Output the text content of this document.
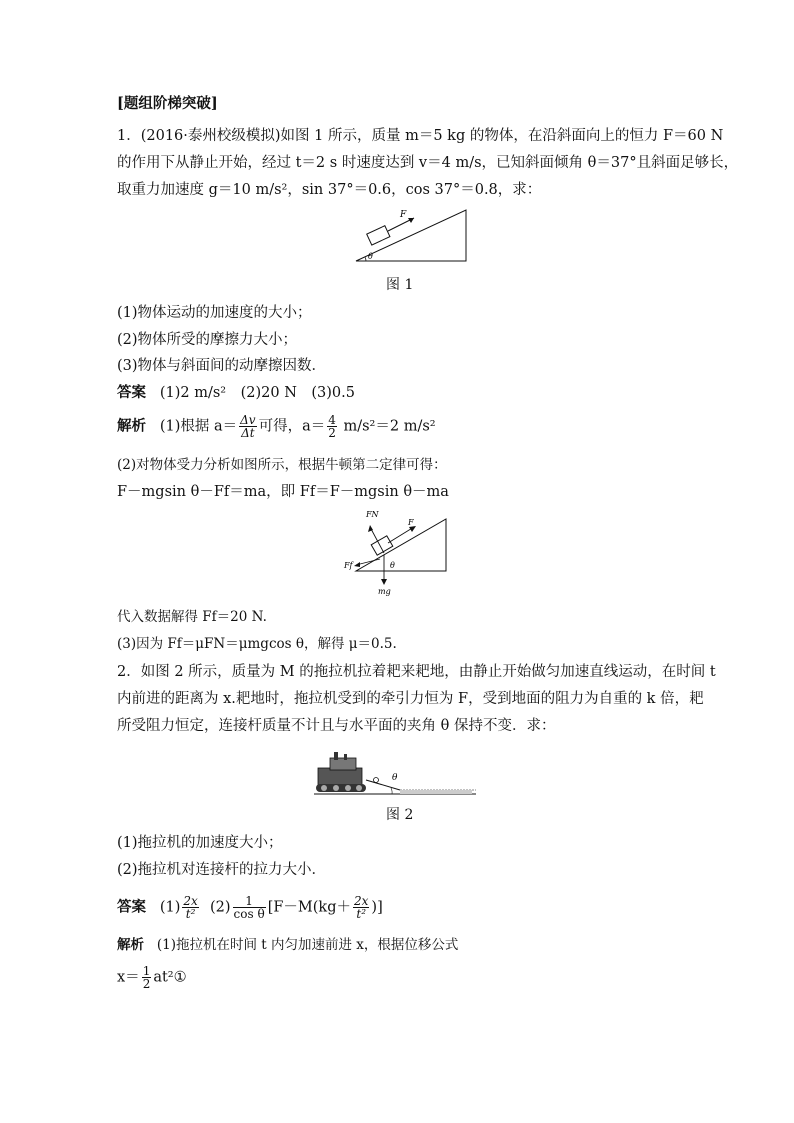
[题组阶梯突破]
1．(2016·泰州校级模拟)如图 1 所示，质量 m＝5 kg 的物体，在沿斜面向上的恒力 F＝60 N
的作用下从静止开始，经过 t＝2 s 时速度达到 v＝4 m/s，已知斜面倾角 θ＝37°且斜面足够长，
取重力加速度 g＝10 m/s²，sin 37°＝0.6，cos 37°＝0.8，求：
F
θ
图 1
(1)物体运动的加速度的大小；
(2)物体所受的摩擦力大小；
(3)物体与斜面间的动摩擦因数．
答案 (1)2 m/s²　(2)20 N　(3)0.5
解析 (1)根据 $a= \frac{\Delta v}{\Delta t}$ 可得，$a= \frac{4}{2} m/s^2=2$ m/s²
(2)对物体受力分析如图所示，根据牛顿第二定律可得：
F－mgsin θ－Ff＝ma，即 Ff＝F－mgsin θ－ma
FN
F
Ff
mg
θ
代入数据解得 Ff＝20 N.
(3)因为 Ff＝μFN＝μmgcos θ，解得 μ＝0.5.
2．如图 2 所示，质量为 M 的拖拉机拉着耙来耙地，由静止开始做匀加速直线运动，在时间 t
内前进的距离为 x.耙地时，拖拉机受到的牵引力恒为 F，受到地面的阻力为自重的 k 倍，耙
所受阻力恒定，连接杆质量不计且与水平面的夹角 θ 保持不变．求：
θ
图 2
(1)拖拉机的加速度大小；
(2)拖拉机对连接杆的拉力大小．
答案 $(1) \frac{2x}{\text{t²}} (2) \frac{1}{\text{cos θ}} [F-M(kg+ \frac{2x}{\text{t²}}$ )]
解析 (1)拖拉机在时间 t 内匀加速前进 x，根据位移公式
$x= \frac{1}{2}$ at²①
